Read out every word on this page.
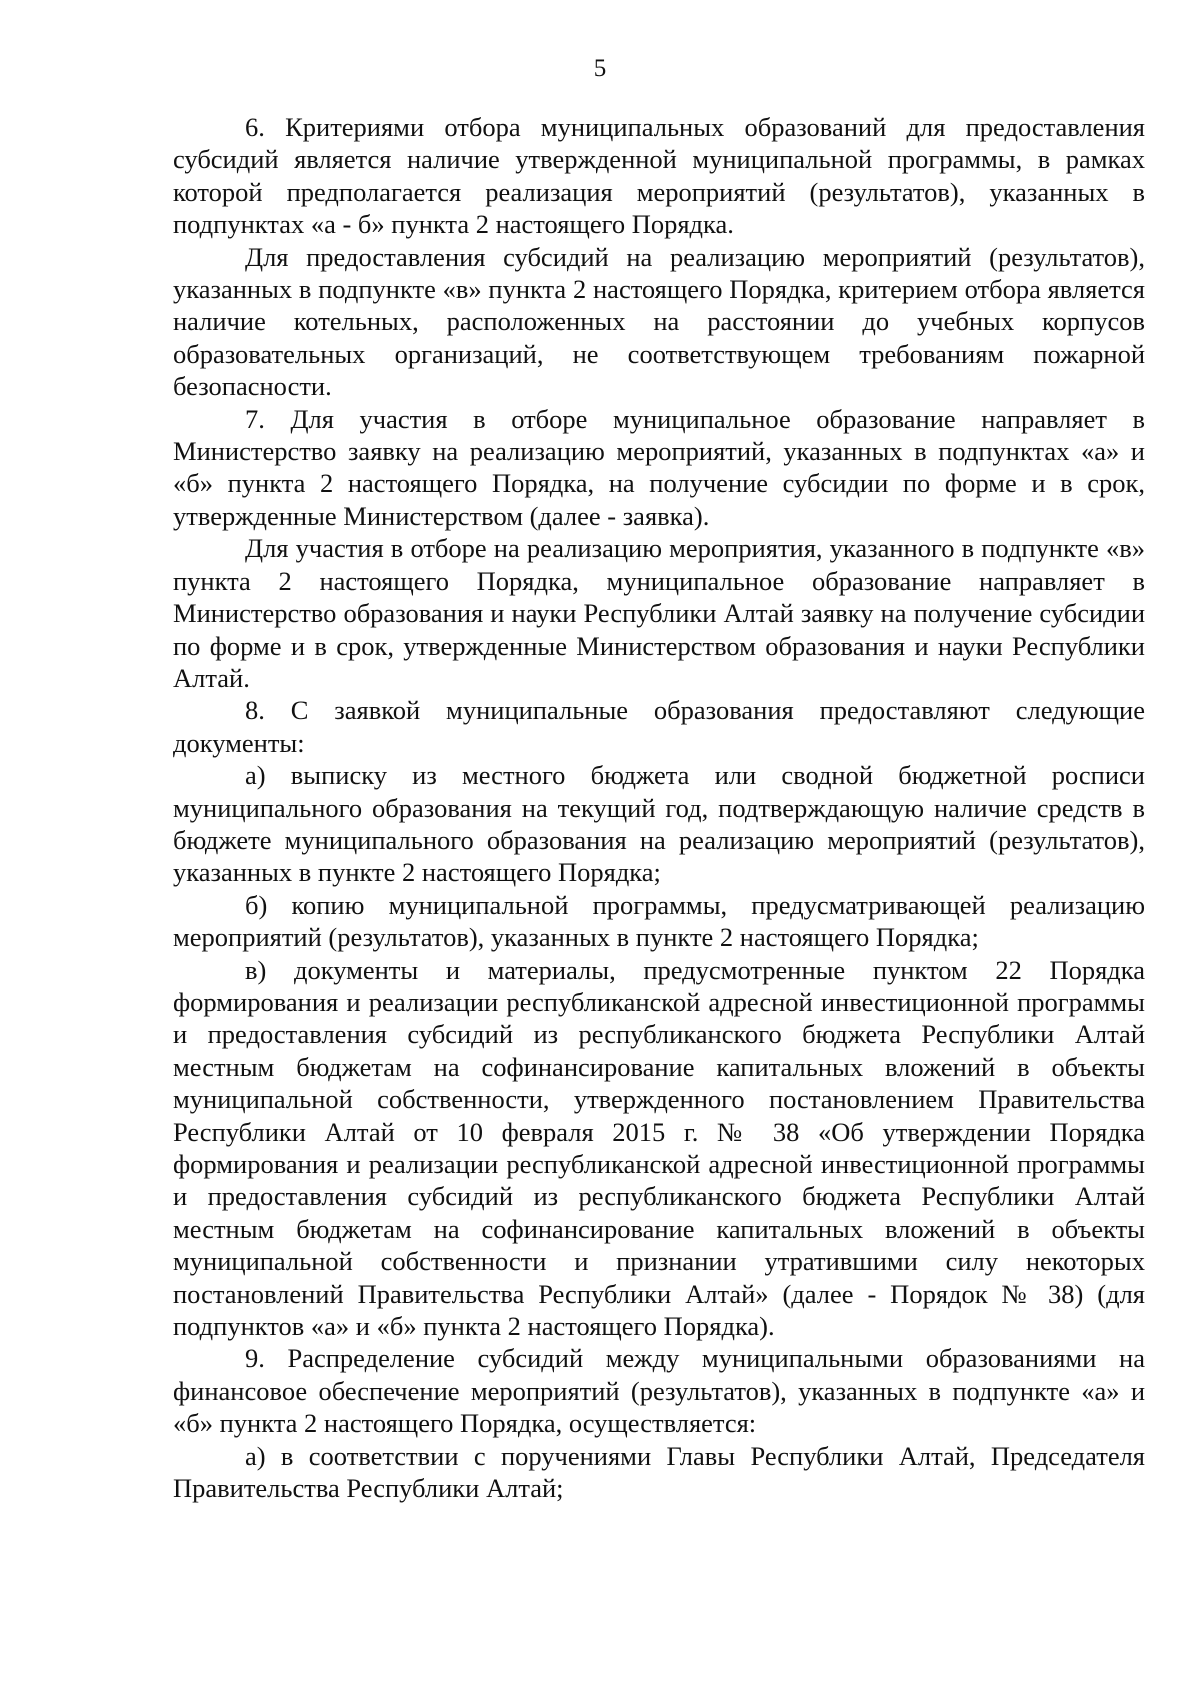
5

6. Критериями отбора муниципальных образований для предоставления субсидий является наличие утвержденной муниципальной программы, в рамках которой предполагается реализация мероприятий (результатов), указанных в подпунктах «а - б» пункта 2 настоящего Порядка.

Для предоставления субсидий на реализацию мероприятий (результатов), указанных в подпункте «в» пункта 2 настоящего Порядка, критерием отбора является наличие котельных, расположенных на расстоянии до учебных корпусов образовательных организаций, не соответствующем требованиям пожарной безопасности.

7. Для участия в отборе муниципальное образование направляет в Министерство заявку на реализацию мероприятий, указанных в подпунктах «а» и «б» пункта 2 настоящего Порядка, на получение субсидии по форме и в срок, утвержденные Министерством (далее - заявка).

Для участия в отборе на реализацию мероприятия, указанного в подпункте «в» пункта 2 настоящего Порядка, муниципальное образование направляет в Министерство образования и науки Республики Алтай заявку на получение субсидии по форме и в срок, утвержденные Министерством образования и науки Республики Алтай.

8. С заявкой муниципальные образования предоставляют следующие документы:

а) выписку из местного бюджета или сводной бюджетной росписи муниципального образования на текущий год, подтверждающую наличие средств в бюджете муниципального образования на реализацию мероприятий (результатов), указанных в пункте 2 настоящего Порядка;

б) копию муниципальной программы, предусматривающей реализацию мероприятий (результатов), указанных в пункте 2 настоящего Порядка;

в) документы и материалы, предусмотренные пунктом 22 Порядка формирования и реализации республиканской адресной инвестиционной программы и предоставления субсидий из республиканского бюджета Республики Алтай местным бюджетам на софинансирование капитальных вложений в объекты муниципальной собственности, утвержденного постановлением Правительства Республики Алтай от 10 февраля 2015 г. № 38 «Об утверждении Порядка формирования и реализации республиканской адресной инвестиционной программы и предоставления субсидий из республиканского бюджета Республики Алтай местным бюджетам на софинансирование капитальных вложений в объекты муниципальной собственности и признании утратившими силу некоторых постановлений Правительства Республики Алтай» (далее - Порядок № 38) (для подпунктов «а» и «б» пункта 2 настоящего Порядка).

9. Распределение субсидий между муниципальными образованиями на финансовое обеспечение мероприятий (результатов), указанных в подпункте «а» и «б» пункта 2 настоящего Порядка, осуществляется:

а) в соответствии с поручениями Главы Республики Алтай, Председателя Правительства Республики Алтай;
